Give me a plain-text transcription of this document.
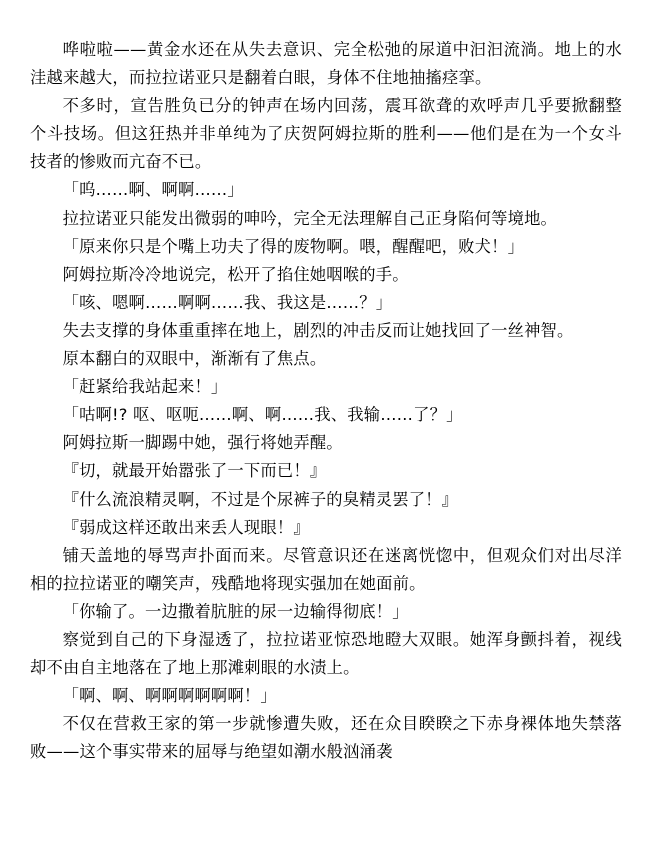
哗啦啦——黄金水还在从失去意识、完全松弛的尿道中汩汩流淌。地上的水洼越来越大，而拉拉诺亚只是翻着白眼，身体不住地抽搐痉挛。

不多时，宣告胜负已分的钟声在场内回荡，震耳欲聋的欢呼声几乎要掀翻整个斗技场。但这狂热并非单纯为了庆贺阿姆拉斯的胜利——他们是在为一个女斗技者的惨败而亢奋不已。

「呜……啊、啊啊……」

拉拉诺亚只能发出微弱的呻吟，完全无法理解自己正身陷何等境地。

「原来你只是个嘴上功夫了得的废物啊。喂，醒醒吧，败犬！」

阿姆拉斯冷冷地说完，松开了掐住她咽喉的手。

「咳、嗯啊……啊啊……我、我这是……？」

失去支撑的身体重重摔在地上，剧烈的冲击反而让她找回了一丝神智。

原本翻白的双眼中，渐渐有了焦点。

「赶紧给我站起来！」

「咕啊!? 呕、呕呃……啊、啊……我、我输……了？」

阿姆拉斯一脚踢中她，强行将她弄醒。

『切，就最开始嚣张了一下而已！』

『什么流浪精灵啊，不过是个尿裤子的臭精灵罢了！』

『弱成这样还敢出来丢人现眼！』

铺天盖地的辱骂声扑面而来。尽管意识还在迷离恍惚中，但观众们对出尽洋相的拉拉诺亚的嘲笑声，残酷地将现实强加在她面前。

「你输了。一边撒着肮脏的尿一边输得彻底！」

察觉到自己的下身湿透了，拉拉诺亚惊恐地瞪大双眼。她浑身颤抖着，视线却不由自主地落在了地上那滩刺眼的水渍上。

「啊、啊、啊啊啊啊啊啊！」

不仅在营救王家的第一步就惨遭失败，还在众目睽睽之下赤身裸体地失禁落败——这个事实带来的屈辱与绝望如潮水般汹涌袭
